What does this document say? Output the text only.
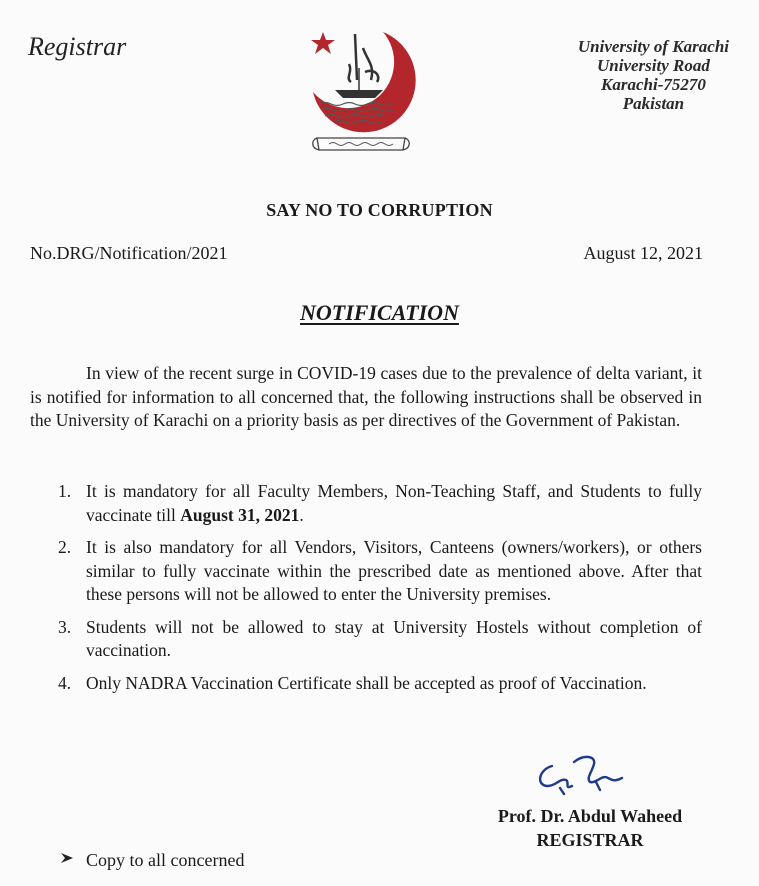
Registrar	University of Karachi
University Road
Karachi-75270
Pakistan
SAY NO TO CORRUPTION
No.DRG/Notification/2021	August 12, 2021
NOTIFICATION

In view of the recent surge in COVID-19 cases due to the prevalence of delta variant, it is notified for information to all concerned that, the following instructions shall be observed in the University of Karachi on a priority basis as per directives of the Government of Pakistan.

1. It is mandatory for all Faculty Members, Non-Teaching Staff, and Students to fully vaccinate till August 31, 2021.
2. It is also mandatory for all Vendors, Visitors, Canteens (owners/workers), or others similar to fully vaccinate within the prescribed date as mentioned above. After that these persons will not be allowed to enter the University premises.
3. Students will not be allowed to stay at University Hostels without completion of vaccination.
4. Only NADRA Vaccination Certificate shall be accepted as proof of Vaccination.
Prof. Dr. Abdul Waheed
REGISTRAR
Copy to all concerned
